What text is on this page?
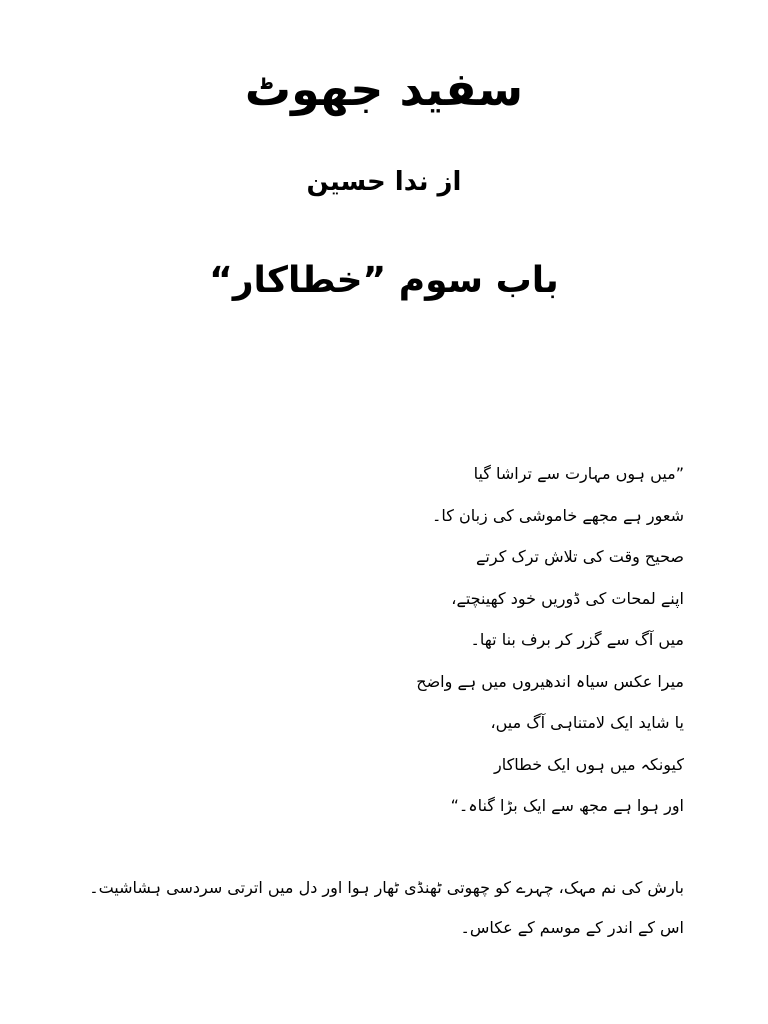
سفید جھوٹ
از ندا حسین
باب سوم ”خطاکار“
”میں ہوں مہارت سے تراشا گیا
شعور ہے مجھے خاموشی کی زبان کا۔
صحیح وقت کی تلاش ترک کرتے
اپنے لمحات کی ڈوریں خود کھینچتے،
میں آگ سے گزر کر برف بنا تھا۔
میرا عکس سیاہ اندھیروں میں ہے واضح
یا شاید ایک لامتناہی آگ میں،
کیونکہ میں ہوں ایک خطاکار
اور ہوا ہے مجھ سے ایک بڑا گناہ۔“

بارش کی نم مہک، چہرے کو چھوتی ٹھنڈی ٹھار ہوا اور دل میں اترتی سردسی ہشاشیت۔

اس کے اندر کے موسم کے عکاس۔
